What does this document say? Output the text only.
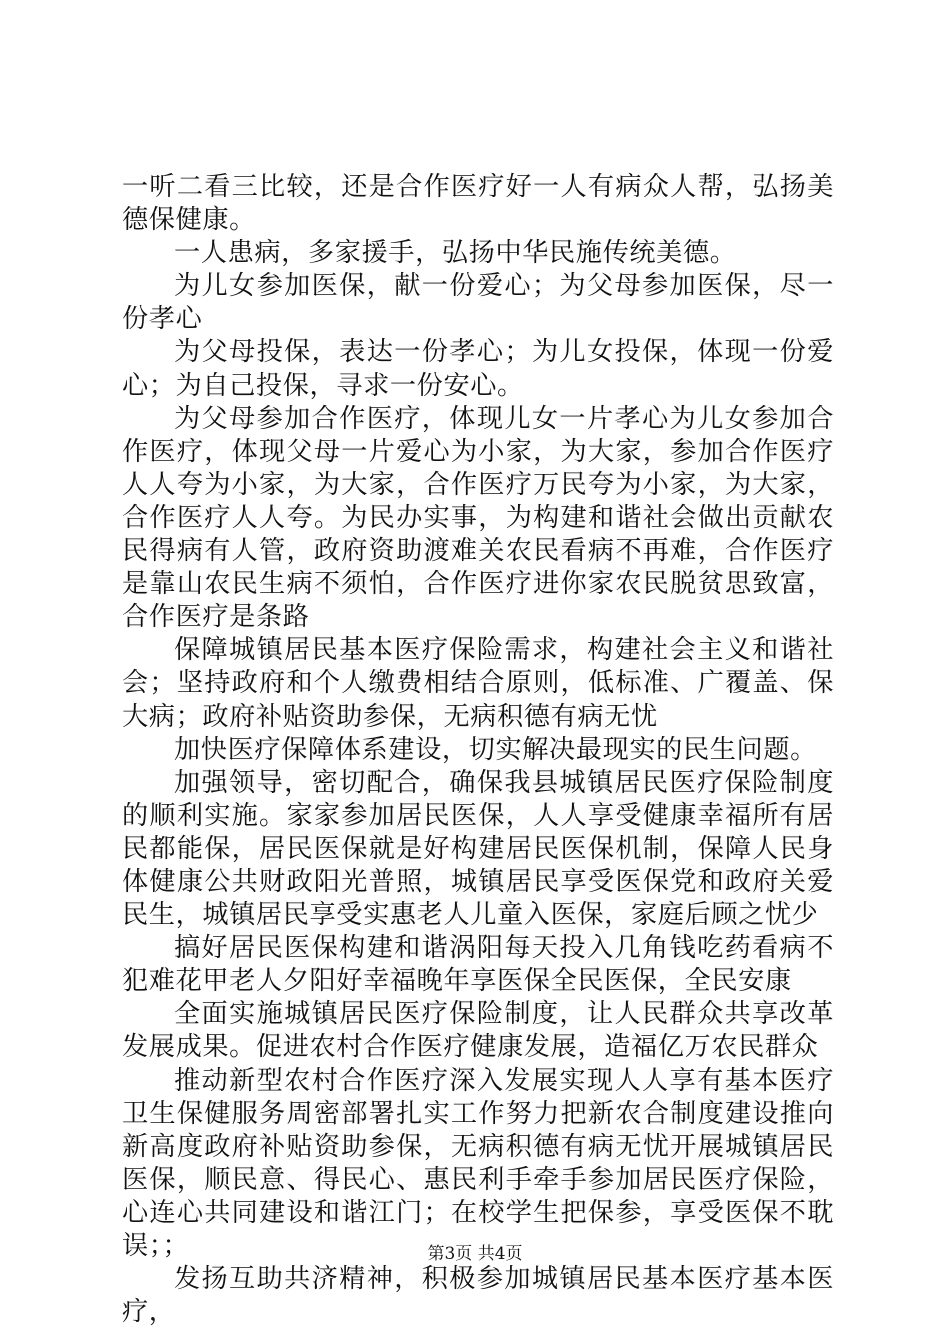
一听二看三比较，还是合作医疗好一人有病众人帮，弘扬美德保健康。

一人患病，多家援手，弘扬中华民施传统美德。

为儿女参加医保，献一份爱心；为父母参加医保，尽一份孝心

为父母投保，表达一份孝心；为儿女投保，体现一份爱心；为自己投保，寻求一份安心。

为父母参加合作医疗，体现儿女一片孝心为儿女参加合作医疗，体现父母一片爱心为小家，为大家，参加合作医疗人人夸为小家，为大家，合作医疗万民夸为小家，为大家，合作医疗人人夸。为民办实事，为构建和谐社会做出贡献农民得病有人管，政府资助渡难关农民看病不再难，合作医疗是靠山农民生病不须怕，合作医疗进你家农民脱贫思致富，合作医疗是条路

保障城镇居民基本医疗保险需求，构建社会主义和谐社会；坚持政府和个人缴费相结合原则，低标准、广覆盖、保大病；政府补贴资助参保，无病积德有病无忧

加快医疗保障体系建设，切实解决最现实的民生问题。

加强领导，密切配合，确保我县城镇居民医疗保险制度的顺利实施。家家参加居民医保，人人享受健康幸福所有居民都能保，居民医保就是好构建居民医保机制，保障人民身体健康公共财政阳光普照，城镇居民享受医保党和政府关爱民生，城镇居民享受实惠老人儿童入医保，家庭后顾之忧少

搞好居民医保构建和谐涡阳每天投入几角钱吃药看病不犯难花甲老人夕阳好幸福晚年享医保全民医保，全民安康

全面实施城镇居民医疗保险制度，让人民群众共享改革发展成果。促进农村合作医疗健康发展，造福亿万农民群众

推动新型农村合作医疗深入发展实现人人享有基本医疗卫生保健服务周密部署扎实工作努力把新农合制度建设推向新高度政府补贴资助参保，无病积德有病无忧开展城镇居民医保，顺民意、得民心、惠民利手牵手参加居民医疗保险，心连心共同建设和谐江门；在校学生把保参，享受医保不耽误；；

发扬互助共济精神，积极参加城镇居民基本医疗基本医疗，

第3页 共4页
